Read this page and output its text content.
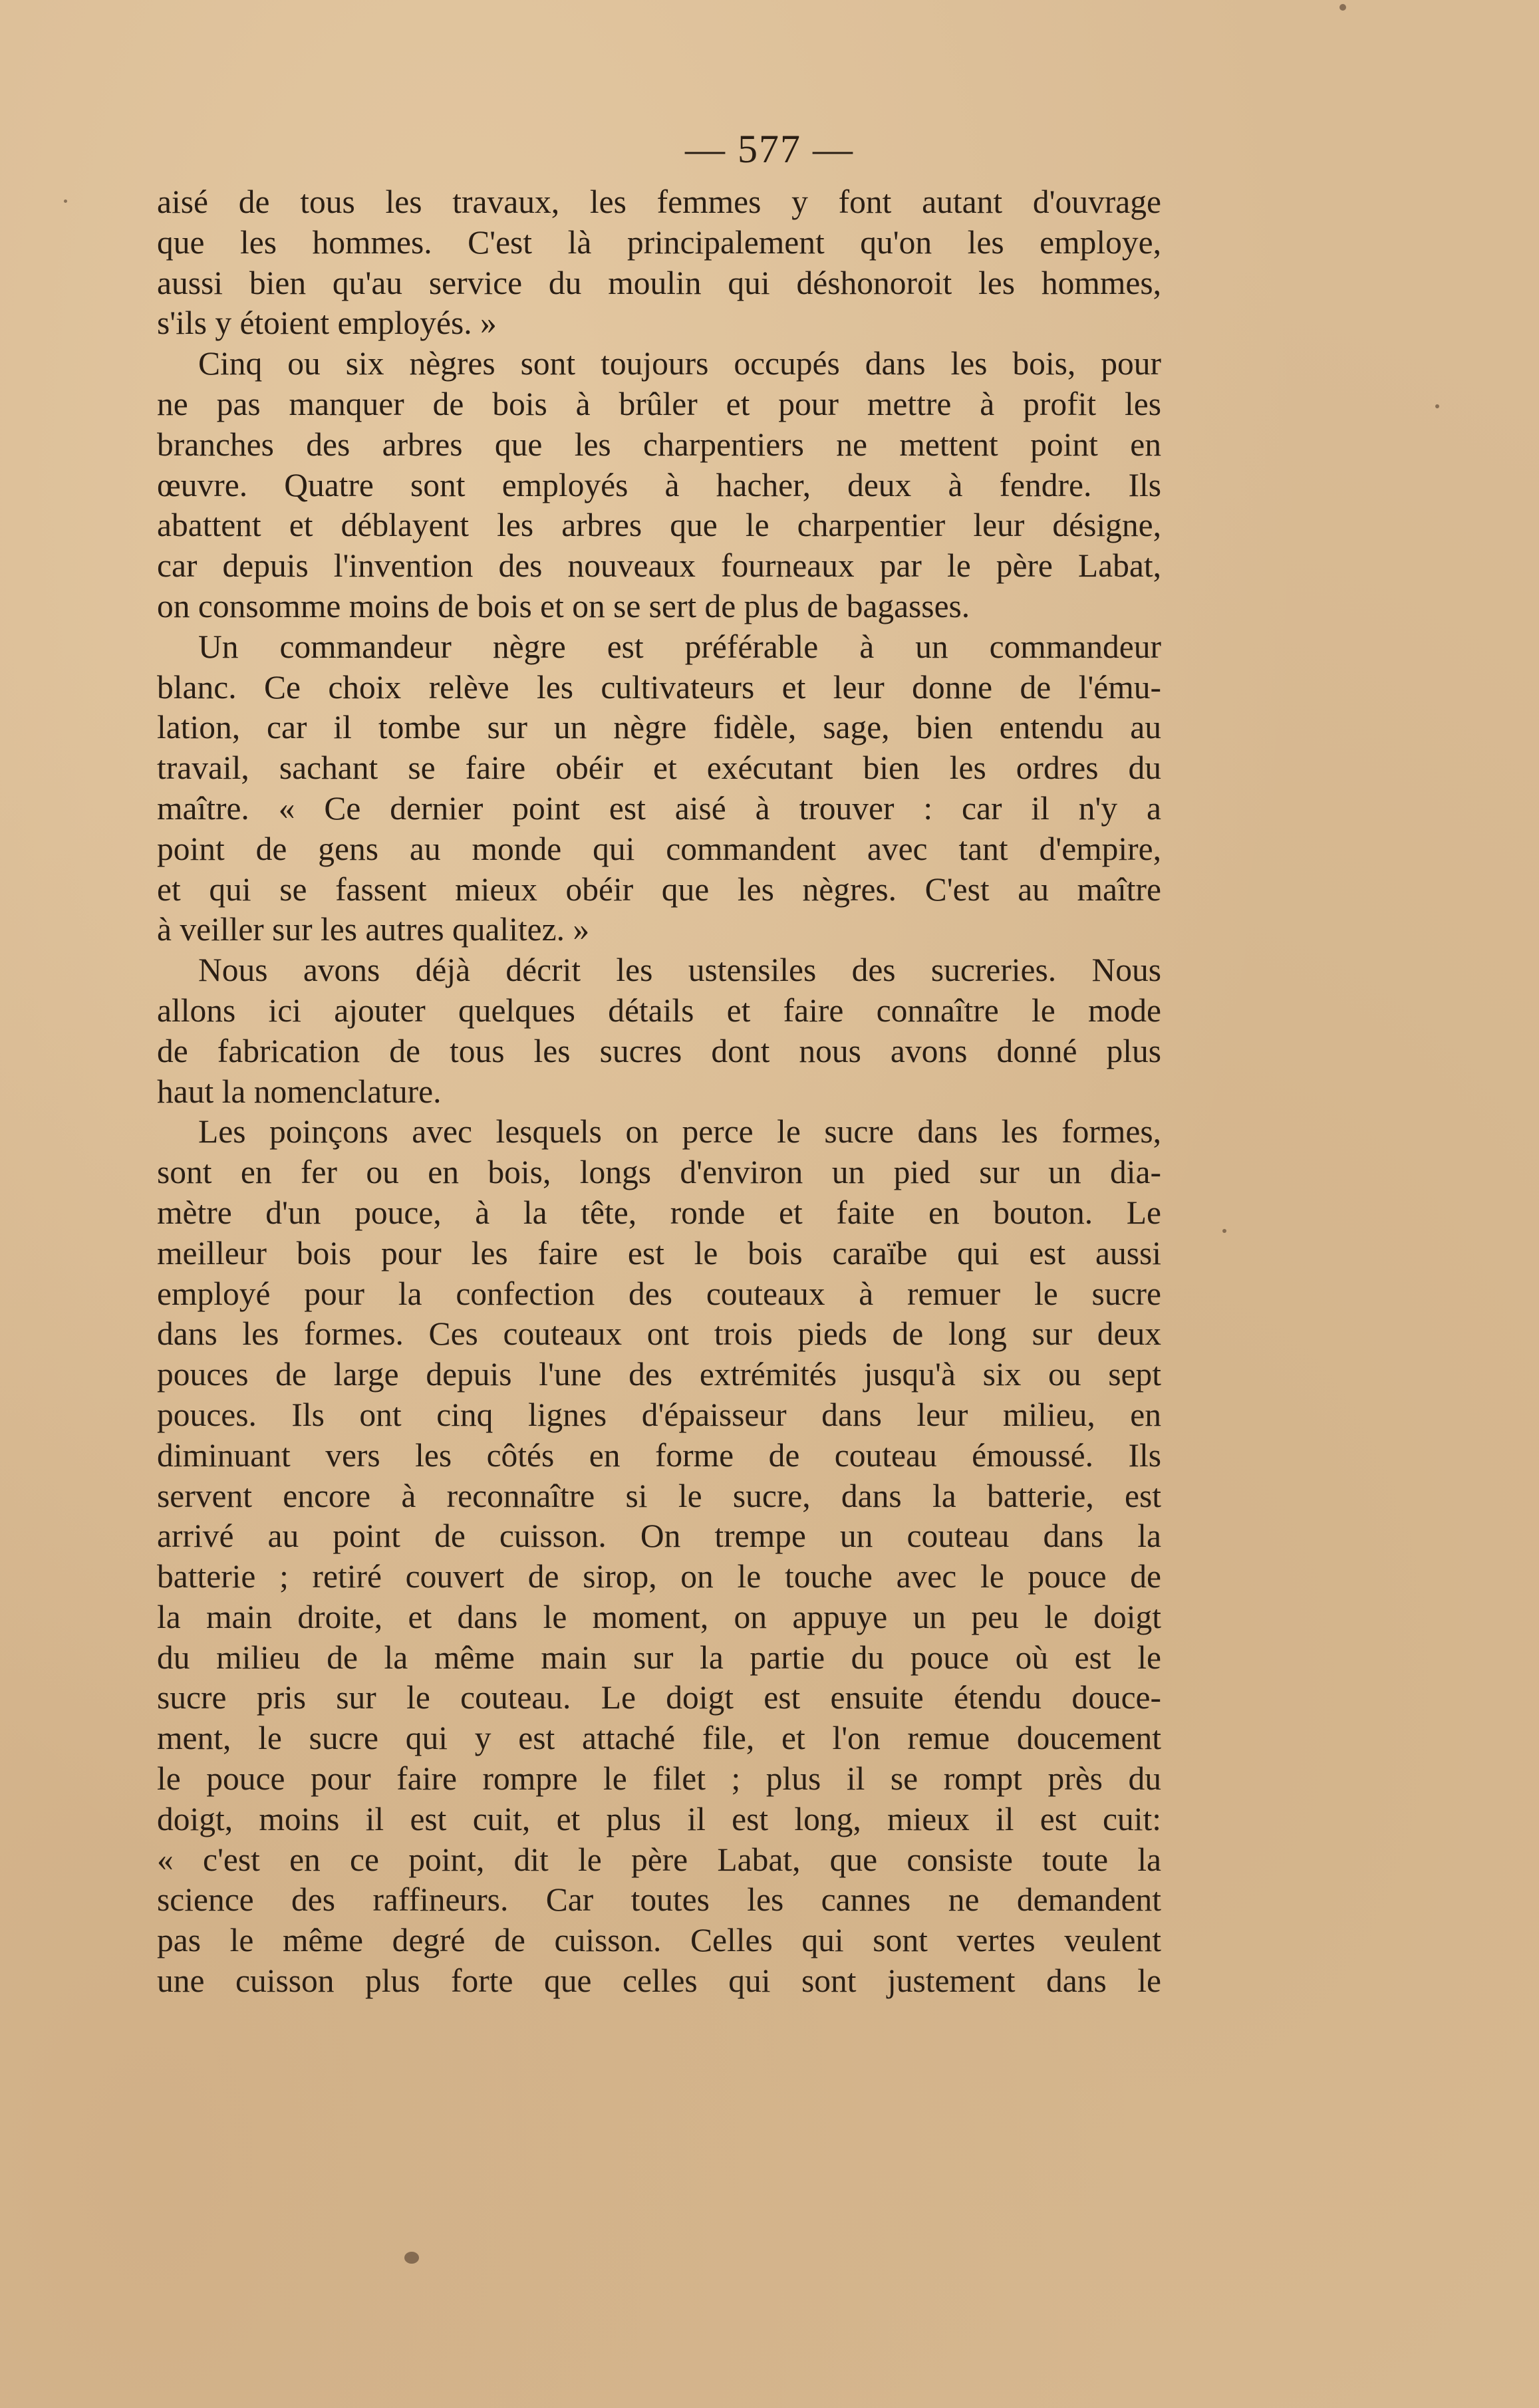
— 577 —
aisé de tous les travaux, les femmes y font autant d'ouvrage
que les hommes. C'est là principalement qu'on les employe,
aussi bien qu'au service du moulin qui déshonoroit les hommes,
s'ils y étoient employés. »
Cinq ou six nègres sont toujours occupés dans les bois, pour
ne pas manquer de bois à brûler et pour mettre à profit les
branches des arbres que les charpentiers ne mettent point en
œuvre. Quatre sont employés à hacher, deux à fendre. Ils
abattent et déblayent les arbres que le charpentier leur désigne,
car depuis l'invention des nouveaux fourneaux par le père Labat,
on consomme moins de bois et on se sert de plus de bagasses.
Un commandeur nègre est préférable à un commandeur
blanc. Ce choix relève les cultivateurs et leur donne de l'ému-
lation, car il tombe sur un nègre fidèle, sage, bien entendu au
travail, sachant se faire obéir et exécutant bien les ordres du
maître. « Ce dernier point est aisé à trouver : car il n'y a
point de gens au monde qui commandent avec tant d'empire,
et qui se fassent mieux obéir que les nègres. C'est au maître
à veiller sur les autres qualitez. »
Nous avons déjà décrit les ustensiles des sucreries. Nous
allons ici ajouter quelques détails et faire connaître le mode
de fabrication de tous les sucres dont nous avons donné plus
haut la nomenclature.
Les poinçons avec lesquels on perce le sucre dans les formes,
sont en fer ou en bois, longs d'environ un pied sur un dia-
mètre d'un pouce, à la tête, ronde et faite en bouton. Le
meilleur bois pour les faire est le bois caraïbe qui est aussi
employé pour la confection des couteaux à remuer le sucre
dans les formes. Ces couteaux ont trois pieds de long sur deux
pouces de large depuis l'une des extrémités jusqu'à six ou sept
pouces. Ils ont cinq lignes d'épaisseur dans leur milieu, en
diminuant vers les côtés en forme de couteau émoussé. Ils
servent encore à reconnaître si le sucre, dans la batterie, est
arrivé au point de cuisson. On trempe un couteau dans la
batterie ; retiré couvert de sirop, on le touche avec le pouce de
la main droite, et dans le moment, on appuye un peu le doigt
du milieu de la même main sur la partie du pouce où est le
sucre pris sur le couteau. Le doigt est ensuite étendu douce-
ment, le sucre qui y est attaché file, et l'on remue doucement
le pouce pour faire rompre le filet ; plus il se rompt près du
doigt, moins il est cuit, et plus il est long, mieux il est cuit:
« c'est en ce point, dit le père Labat, que consiste toute la
science des raffineurs. Car toutes les cannes ne demandent
pas le même degré de cuisson. Celles qui sont vertes veulent
une cuisson plus forte que celles qui sont justement dans le
